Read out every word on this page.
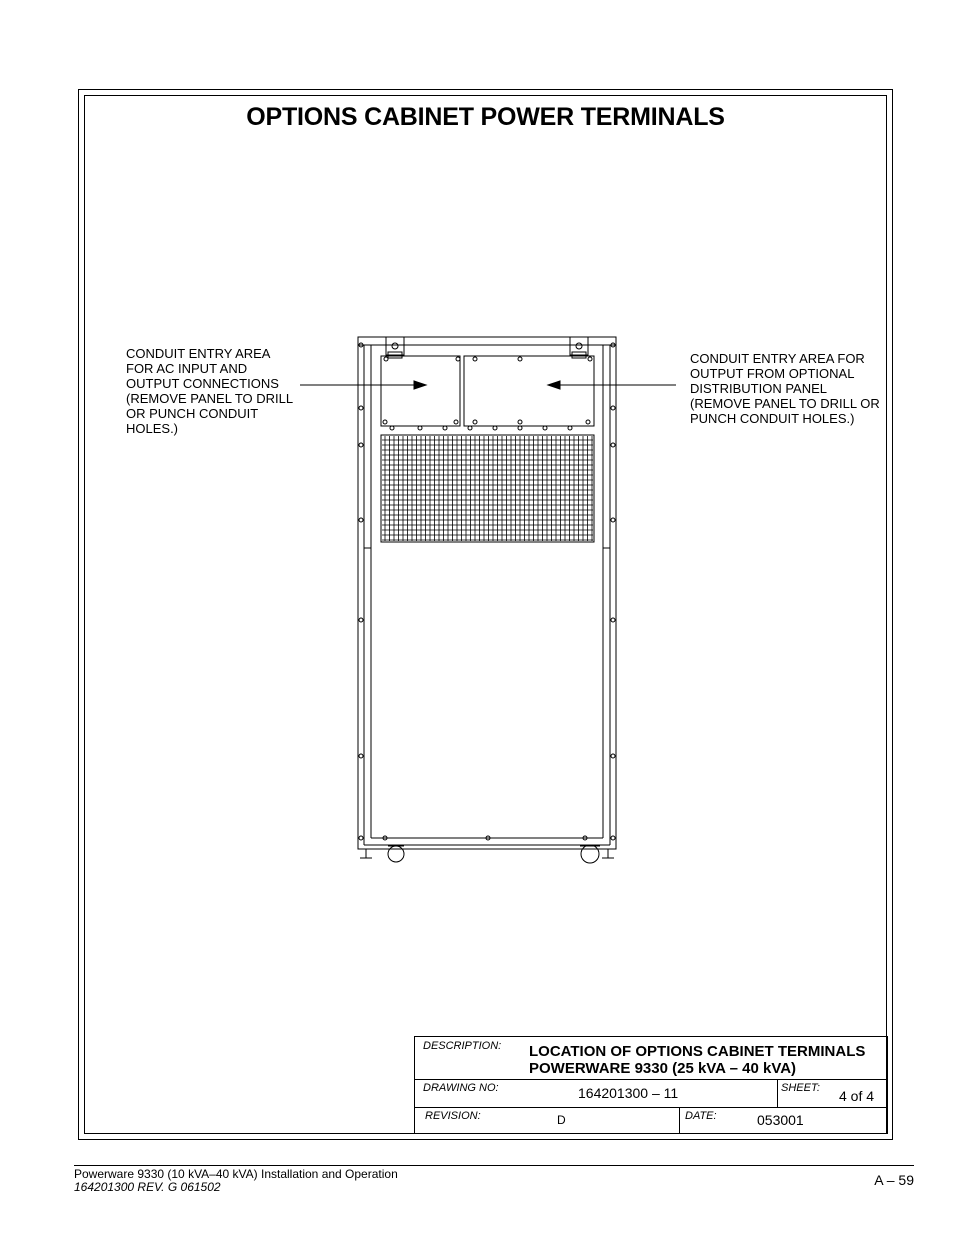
OPTIONS CABINET POWER TERMINALS
CONDUIT ENTRY AREA
FOR AC INPUT AND
OUTPUT CONNECTIONS
(REMOVE PANEL TO DRILL
OR PUNCH CONDUIT
HOLES.)
CONDUIT ENTRY AREA FOR
OUTPUT FROM OPTIONAL
DISTRIBUTION PANEL
(REMOVE PANEL TO DRILL OR
PUNCH CONDUIT HOLES.)
DESCRIPTION: LOCATION OF OPTIONS CABINET TERMINALS
POWERWARE 9330 (25 kVA – 40 kVA)
DRAWING NO:	164201300 – 11	SHEET: 4 of 4
REVISION:	D	DATE:	053001
Powerware 9330 (10 kVA–40 kVA) Installation and Operation
164201300 REV. G 061502	A – 59
